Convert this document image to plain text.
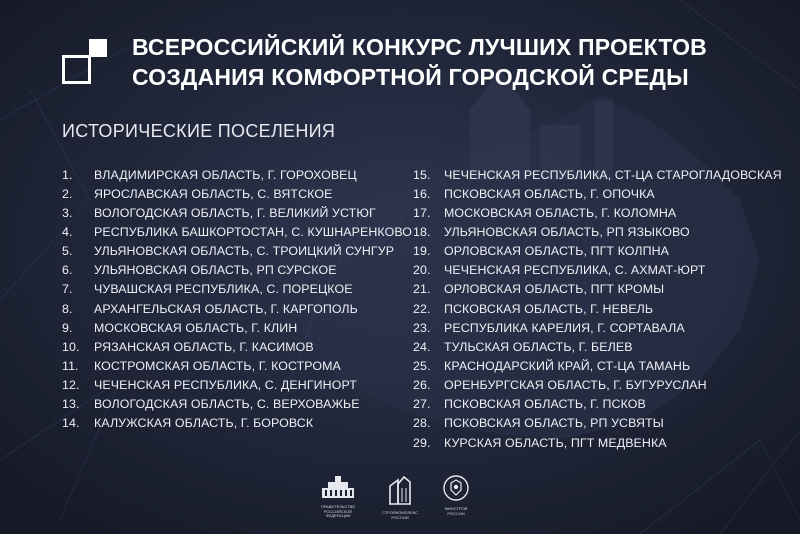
ВСЕРОССИЙСКИЙ КОНКУРС ЛУЧШИХ ПРОЕКТОВ
СОЗДАНИЯ КОМФОРТНОЙ ГОРОДСКОЙ СРЕДЫ
ИСТОРИЧЕСКИЕ ПОСЕЛЕНИЯ
1.	ВЛАДИМИРСКАЯ ОБЛАСТЬ, Г. ГОРОХОВЕЦ
2.	ЯРОСЛАВСКАЯ ОБЛАСТЬ, С. ВЯТСКОЕ
3.	ВОЛОГОДСКАЯ ОБЛАСТЬ, Г. ВЕЛИКИЙ УСТЮГ
4.	РЕСПУБЛИКА БАШКОРТОСТАН, С. КУШНАРЕНКОВО
5.	УЛЬЯНОВСКАЯ ОБЛАСТЬ, С. ТРОИЦКИЙ СУНГУР
6.	УЛЬЯНОВСКАЯ ОБЛАСТЬ, РП СУРСКОЕ
7.	ЧУВАШСКАЯ РЕСПУБЛИКА, С. ПОРЕЦКОЕ
8.	АРХАНГЕЛЬСКАЯ ОБЛАСТЬ, Г. КАРГОПОЛЬ
9.	МОСКОВСКАЯ ОБЛАСТЬ, Г. КЛИН
10.	РЯЗАНСКАЯ ОБЛАСТЬ, Г. КАСИМОВ
11.	КОСТРОМСКАЯ ОБЛАСТЬ, Г. КОСТРОМА
12.	ЧЕЧЕНСКАЯ РЕСПУБЛИКА, С. ДЕНГИНОРТ
13.	ВОЛОГОДСКАЯ ОБЛАСТЬ, С. ВЕРХОВАЖЬЕ
14.	КАЛУЖСКАЯ ОБЛАСТЬ, Г. БОРОВСК
15.	ЧЕЧЕНСКАЯ РЕСПУБЛИКА, СТ-ЦА СТАРОГЛАДОВСКАЯ
16.	ПСКОВСКАЯ ОБЛАСТЬ, Г. ОПОЧКА
17.	МОСКОВСКАЯ ОБЛАСТЬ, Г. КОЛОМНА
18.	УЛЬЯНОВСКАЯ ОБЛАСТЬ, РП ЯЗЫКОВО
19.	ОРЛОВСКАЯ ОБЛАСТЬ, ПГТ КОЛПНА
20.	ЧЕЧЕНСКАЯ РЕСПУБЛИКА, С. АХМАТ-ЮРТ
21.	ОРЛОВСКАЯ ОБЛАСТЬ, ПГТ КРОМЫ
22.	ПСКОВСКАЯ ОБЛАСТЬ, Г. НЕВЕЛЬ
23.	РЕСПУБЛИКА КАРЕЛИЯ, Г. СОРТАВАЛА
24.	ТУЛЬСКАЯ ОБЛАСТЬ, Г. БЕЛЕВ
25.	КРАСНОДАРСКИЙ КРАЙ, СТ-ЦА ТАМАНЬ
26.	ОРЕНБУРГСКАЯ ОБЛАСТЬ, Г. БУГУРУСЛАН
27.	ПСКОВСКАЯ ОБЛАСТЬ, Г. ПСКОВ
28.	ПСКОВСКАЯ ОБЛАСТЬ, РП УСВЯТЫ
29.	КУРСКАЯ ОБЛАСТЬ, ПГТ МЕДВЕНКА
ПРАВИТЕЛЬСТВО
РОССИЙСКОЙ
ФЕДЕРАЦИИ
СТРОЙКОМПЛЕКС
РОССИИ
МИНСТРОЙ
РОССИИ
